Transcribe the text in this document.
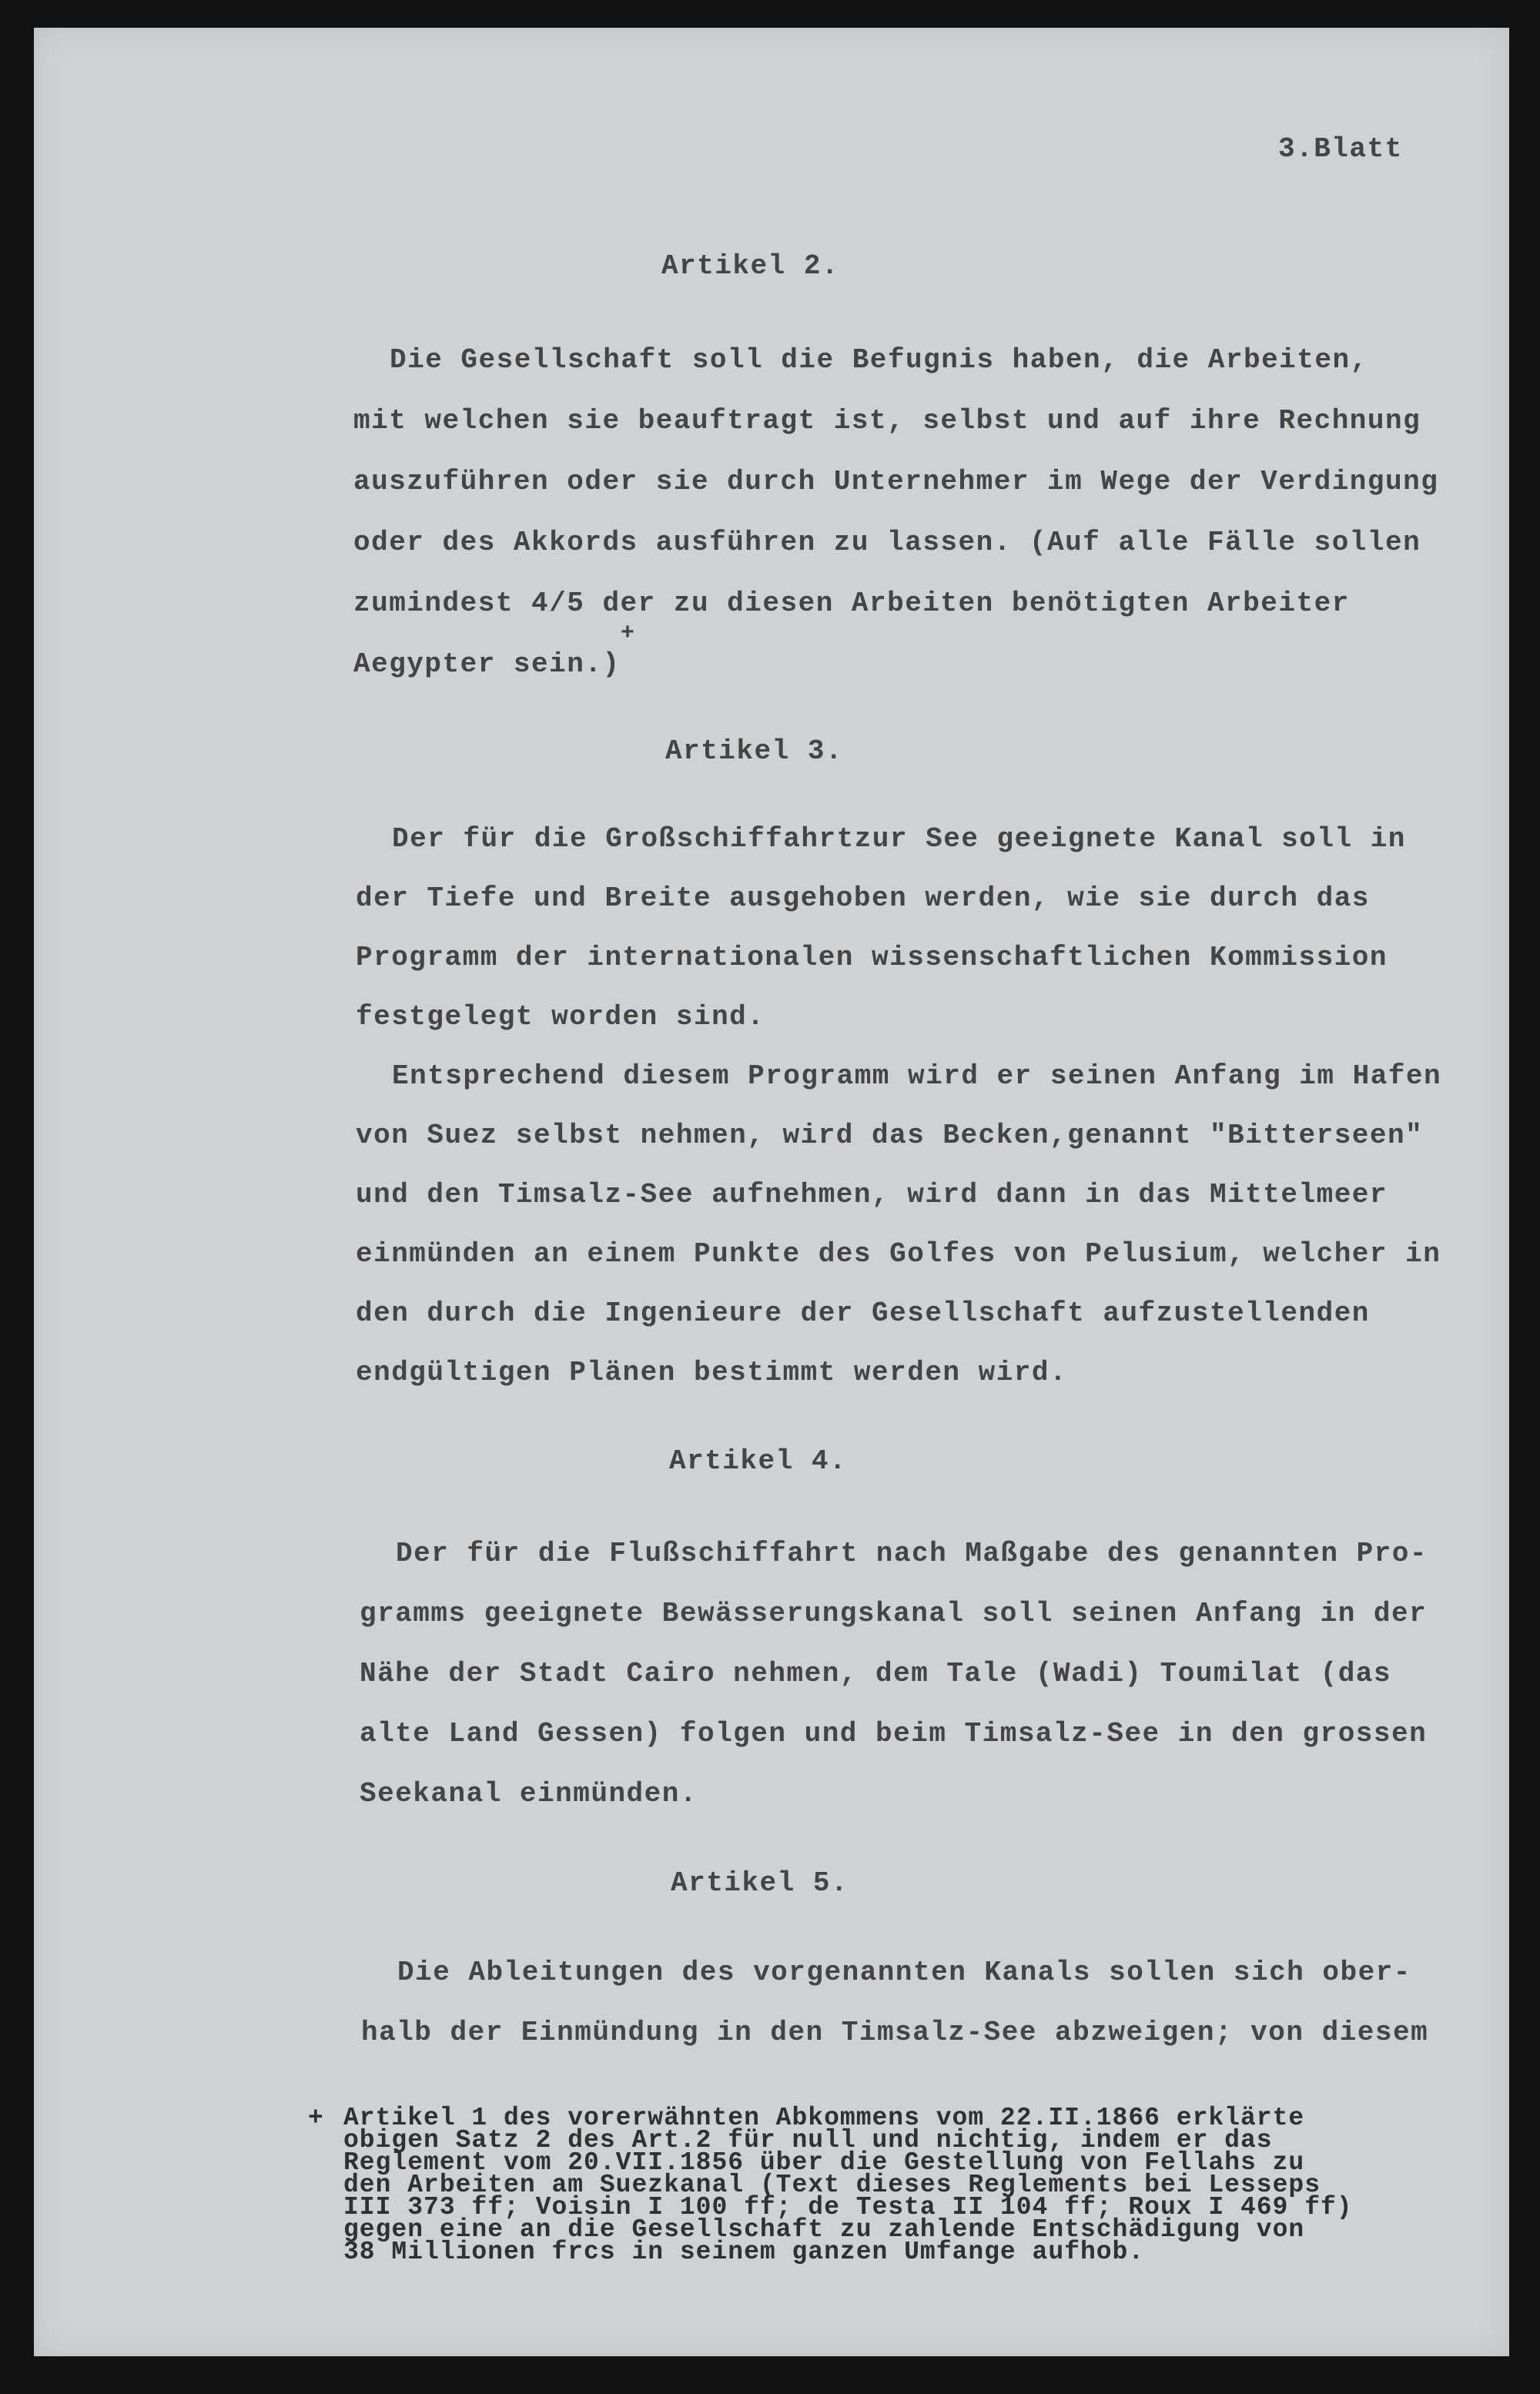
3.Blatt
Artikel 2.
Die Gesellschaft soll die Befugnis haben, die Arbeiten,
mit welchen sie beauftragt ist, selbst und auf ihre Rechnung
auszuführen oder sie durch Unternehmer im Wege der Verdingung
oder des Akkords ausführen zu lassen. (Auf alle Fälle sollen
zumindest 4/5 der zu diesen Arbeiten benötigten Arbeiter
Aegypter sein.)
+
Artikel 3.
Der für die Großschiffahrtzur See geeignete Kanal soll in
der Tiefe und Breite ausgehoben werden, wie sie durch das
Programm der internationalen wissenschaftlichen Kommission
festgelegt worden sind.
Entsprechend diesem Programm wird er seinen Anfang im Hafen
von Suez selbst nehmen, wird das Becken,genannt "Bitterseen"
und den Timsalz-See aufnehmen, wird dann in das Mittelmeer
einmünden an einem Punkte des Golfes von Pelusium, welcher in
den durch die Ingenieure der Gesellschaft aufzustellenden
endgültigen Plänen bestimmt werden wird.
Artikel 4.
Der für die Flußschiffahrt nach Maßgabe des genannten Pro-
gramms geeignete Bewässerungskanal soll seinen Anfang in der
Nähe der Stadt Cairo nehmen, dem Tale (Wadi) Toumilat (das
alte Land Gessen) folgen und beim Timsalz-See in den grossen
Seekanal einmünden.
Artikel 5.
Die Ableitungen des vorgenannten Kanals sollen sich ober-
halb der Einmündung in den Timsalz-See abzweigen; von diesem
+ Artikel 1 des vorerwähnten Abkommens vom 22.II.1866 erklärte
obigen Satz 2 des Art.2 für null und nichtig, indem er das
Reglement vom 20.VII.1856 über die Gestellung von Fellahs zu
den Arbeiten am Suezkanal (Text dieses Reglements bei Lesseps
III 373 ff; Voisin I 100 ff; de Testa II 104 ff; Roux I 469 ff)
gegen eine an die Gesellschaft zu zahlende Entschädigung von
38 Millionen frcs in seinem ganzen Umfange aufhob.
